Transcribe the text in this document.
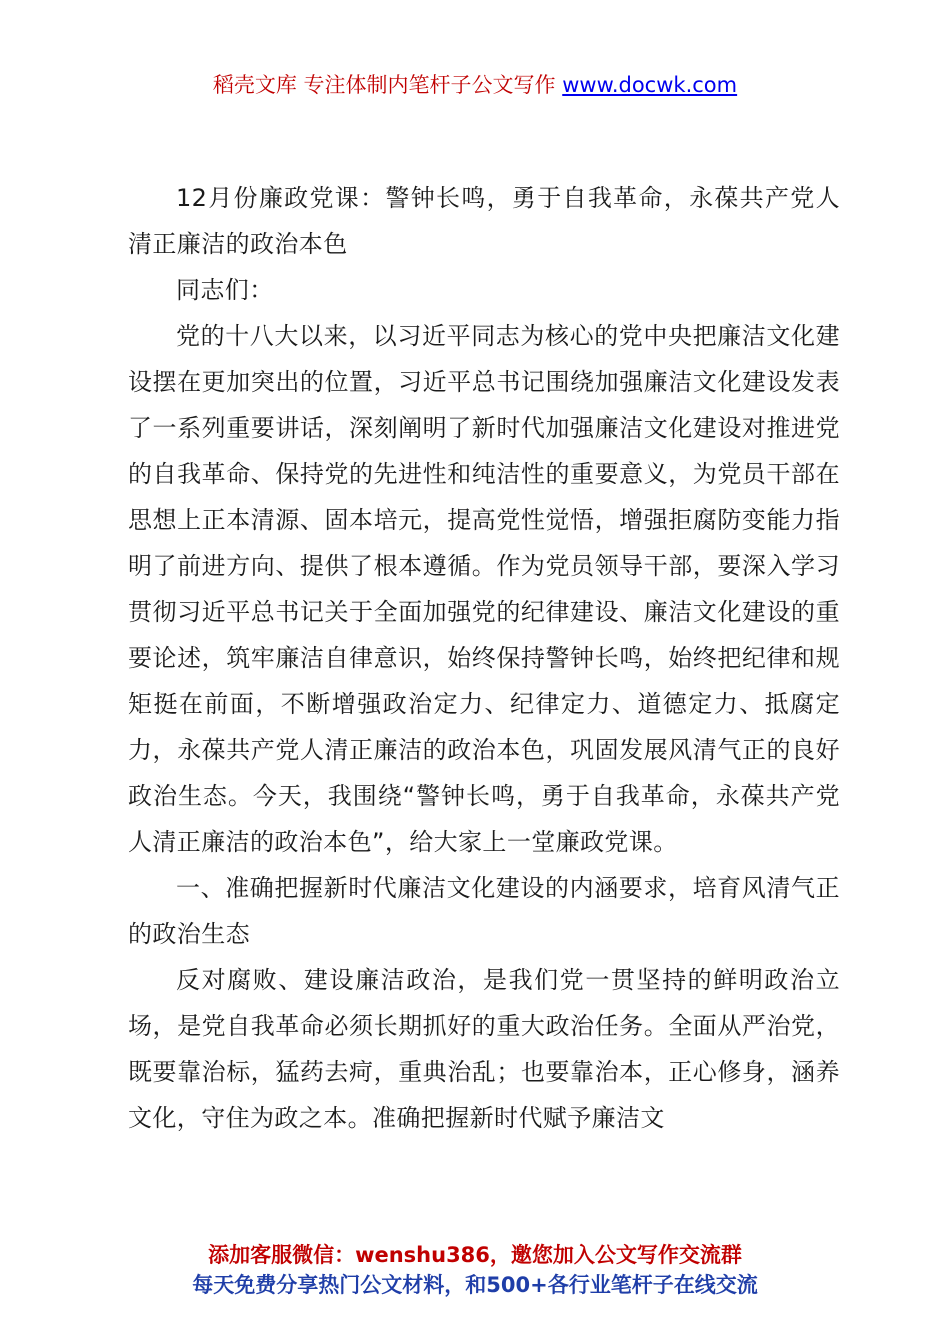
稻壳文库 专注体制内笔杆子公文写作 www.docwk.com

12月份廉政党课：警钟长鸣，勇于自我革命，永葆共产党人清正廉洁的政治本色

同志们：

党的十八大以来，以习近平同志为核心的党中央把廉洁文化建设摆在更加突出的位置，习近平总书记围绕加强廉洁文化建设发表了一系列重要讲话，深刻阐明了新时代加强廉洁文化建设对推进党的自我革命、保持党的先进性和纯洁性的重要意义，为党员干部在思想上正本清源、固本培元，提高党性觉悟，增强拒腐防变能力指明了前进方向、提供了根本遵循。作为党员领导干部，要深入学习贯彻习近平总书记关于全面加强党的纪律建设、廉洁文化建设的重要论述，筑牢廉洁自律意识，始终保持警钟长鸣，始终把纪律和规矩挺在前面，不断增强政治定力、纪律定力、道德定力、抵腐定力，永葆共产党人清正廉洁的政治本色，巩固发展风清气正的良好政治生态。今天，我围绕“警钟长鸣，勇于自我革命，永葆共产党人清正廉洁的政治本色”，给大家上一堂廉政党课。

一、准确把握新时代廉洁文化建设的内涵要求，培育风清气正的政治生态

反对腐败、建设廉洁政治，是我们党一贯坚持的鲜明政治立场，是党自我革命必须长期抓好的重大政治任务。全面从严治党，既要靠治标，猛药去疴，重典治乱；也要靠治本，正心修身，涵养文化，守住为政之本。准确把握新时代赋予廉洁文

添加客服微信：wenshu386，邀您加入公文写作交流群
每天免费分享热门公文材料，和500+各行业笔杆子在线交流
